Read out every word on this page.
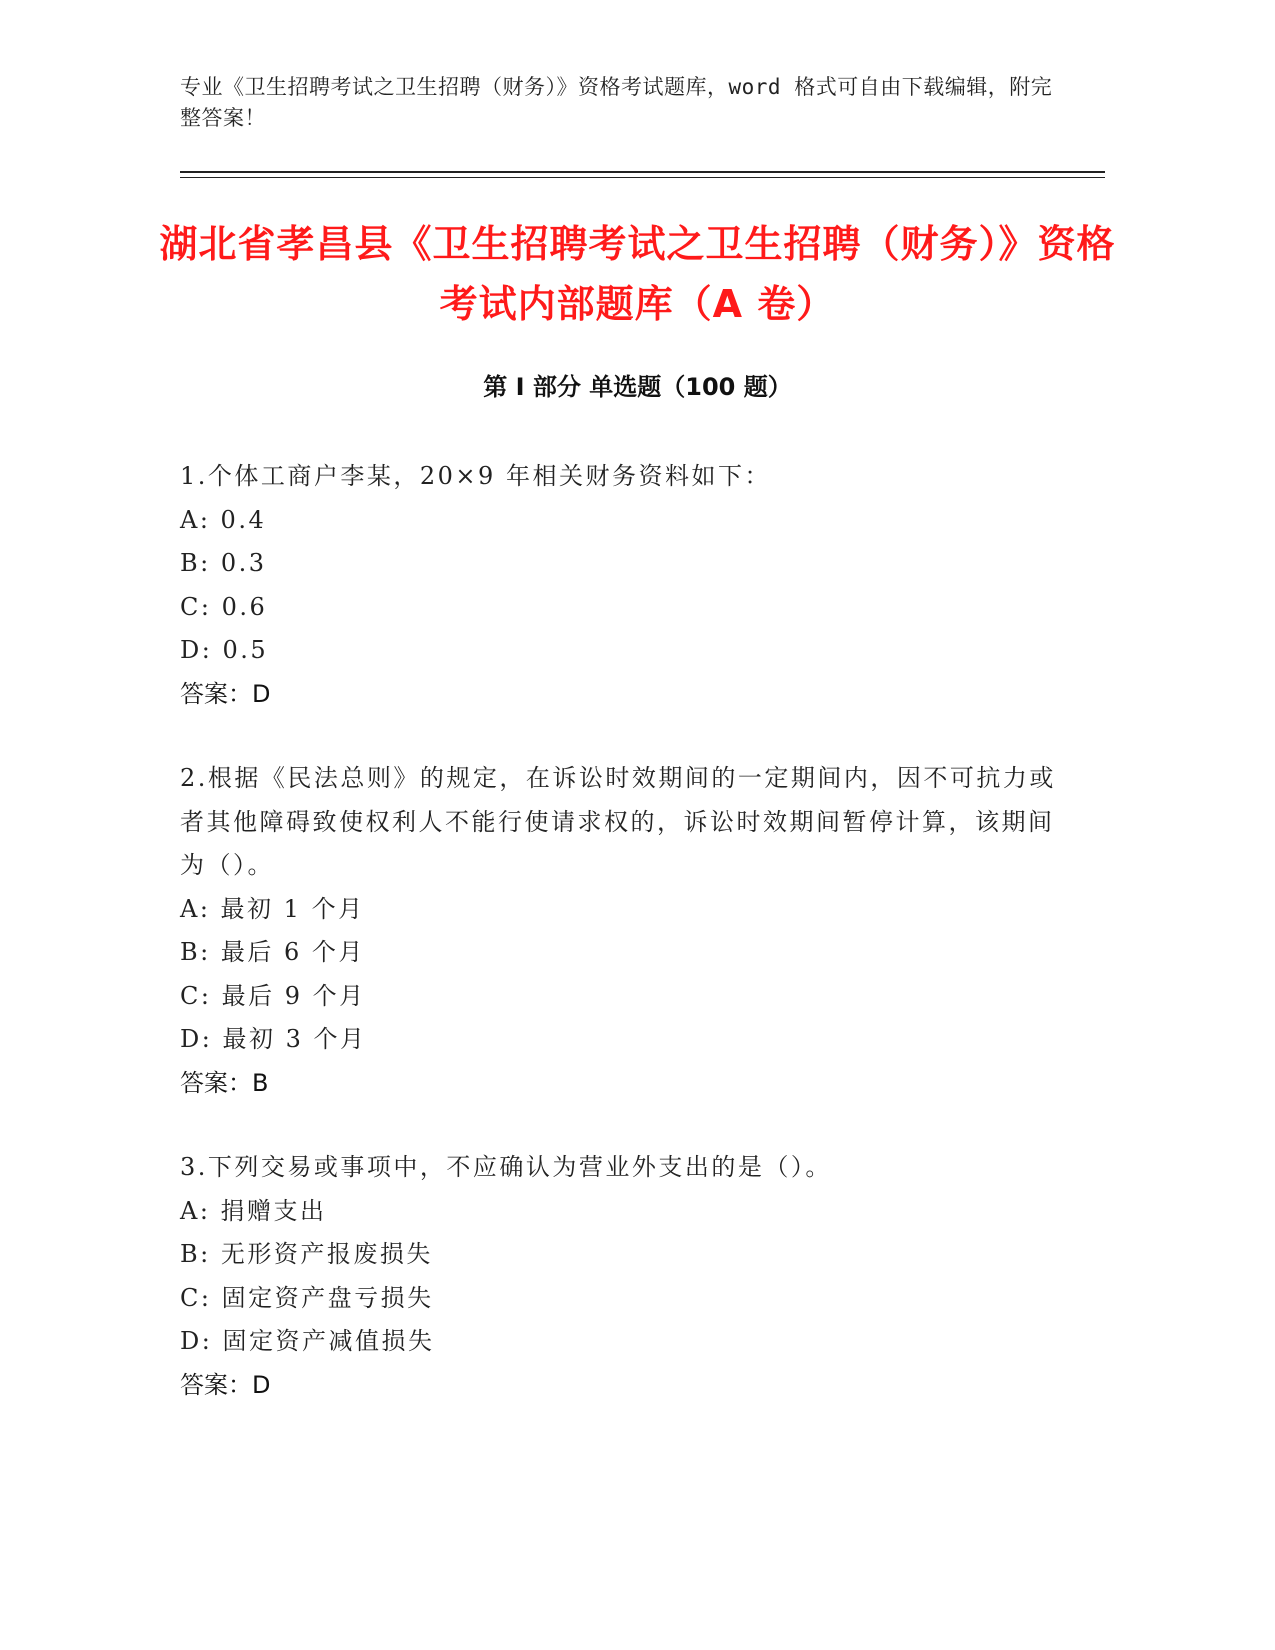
专业《卫生招聘考试之卫生招聘（财务）》资格考试题库，word 格式可自由下载编辑，附完整答案！
湖北省孝昌县《卫生招聘考试之卫生招聘（财务）》资格考试内部题库（A 卷）
第 I 部分 单选题（100 题）
1.个体工商户李某，20×9 年相关财务资料如下：
A: 0.4
B: 0.3
C: 0.6
D: 0.5
答案：D
2.根据《民法总则》的规定，在诉讼时效期间的一定期间内，因不可抗力或者其他障碍致使权利人不能行使请求权的，诉讼时效期间暂停计算，该期间为（）。
A: 最初 1 个月
B: 最后 6 个月
C: 最后 9 个月
D: 最初 3 个月
答案：B
3.下列交易或事项中，不应确认为营业外支出的是（）。
A: 捐赠支出
B: 无形资产报废损失
C: 固定资产盘亏损失
D: 固定资产减值损失
答案：D
